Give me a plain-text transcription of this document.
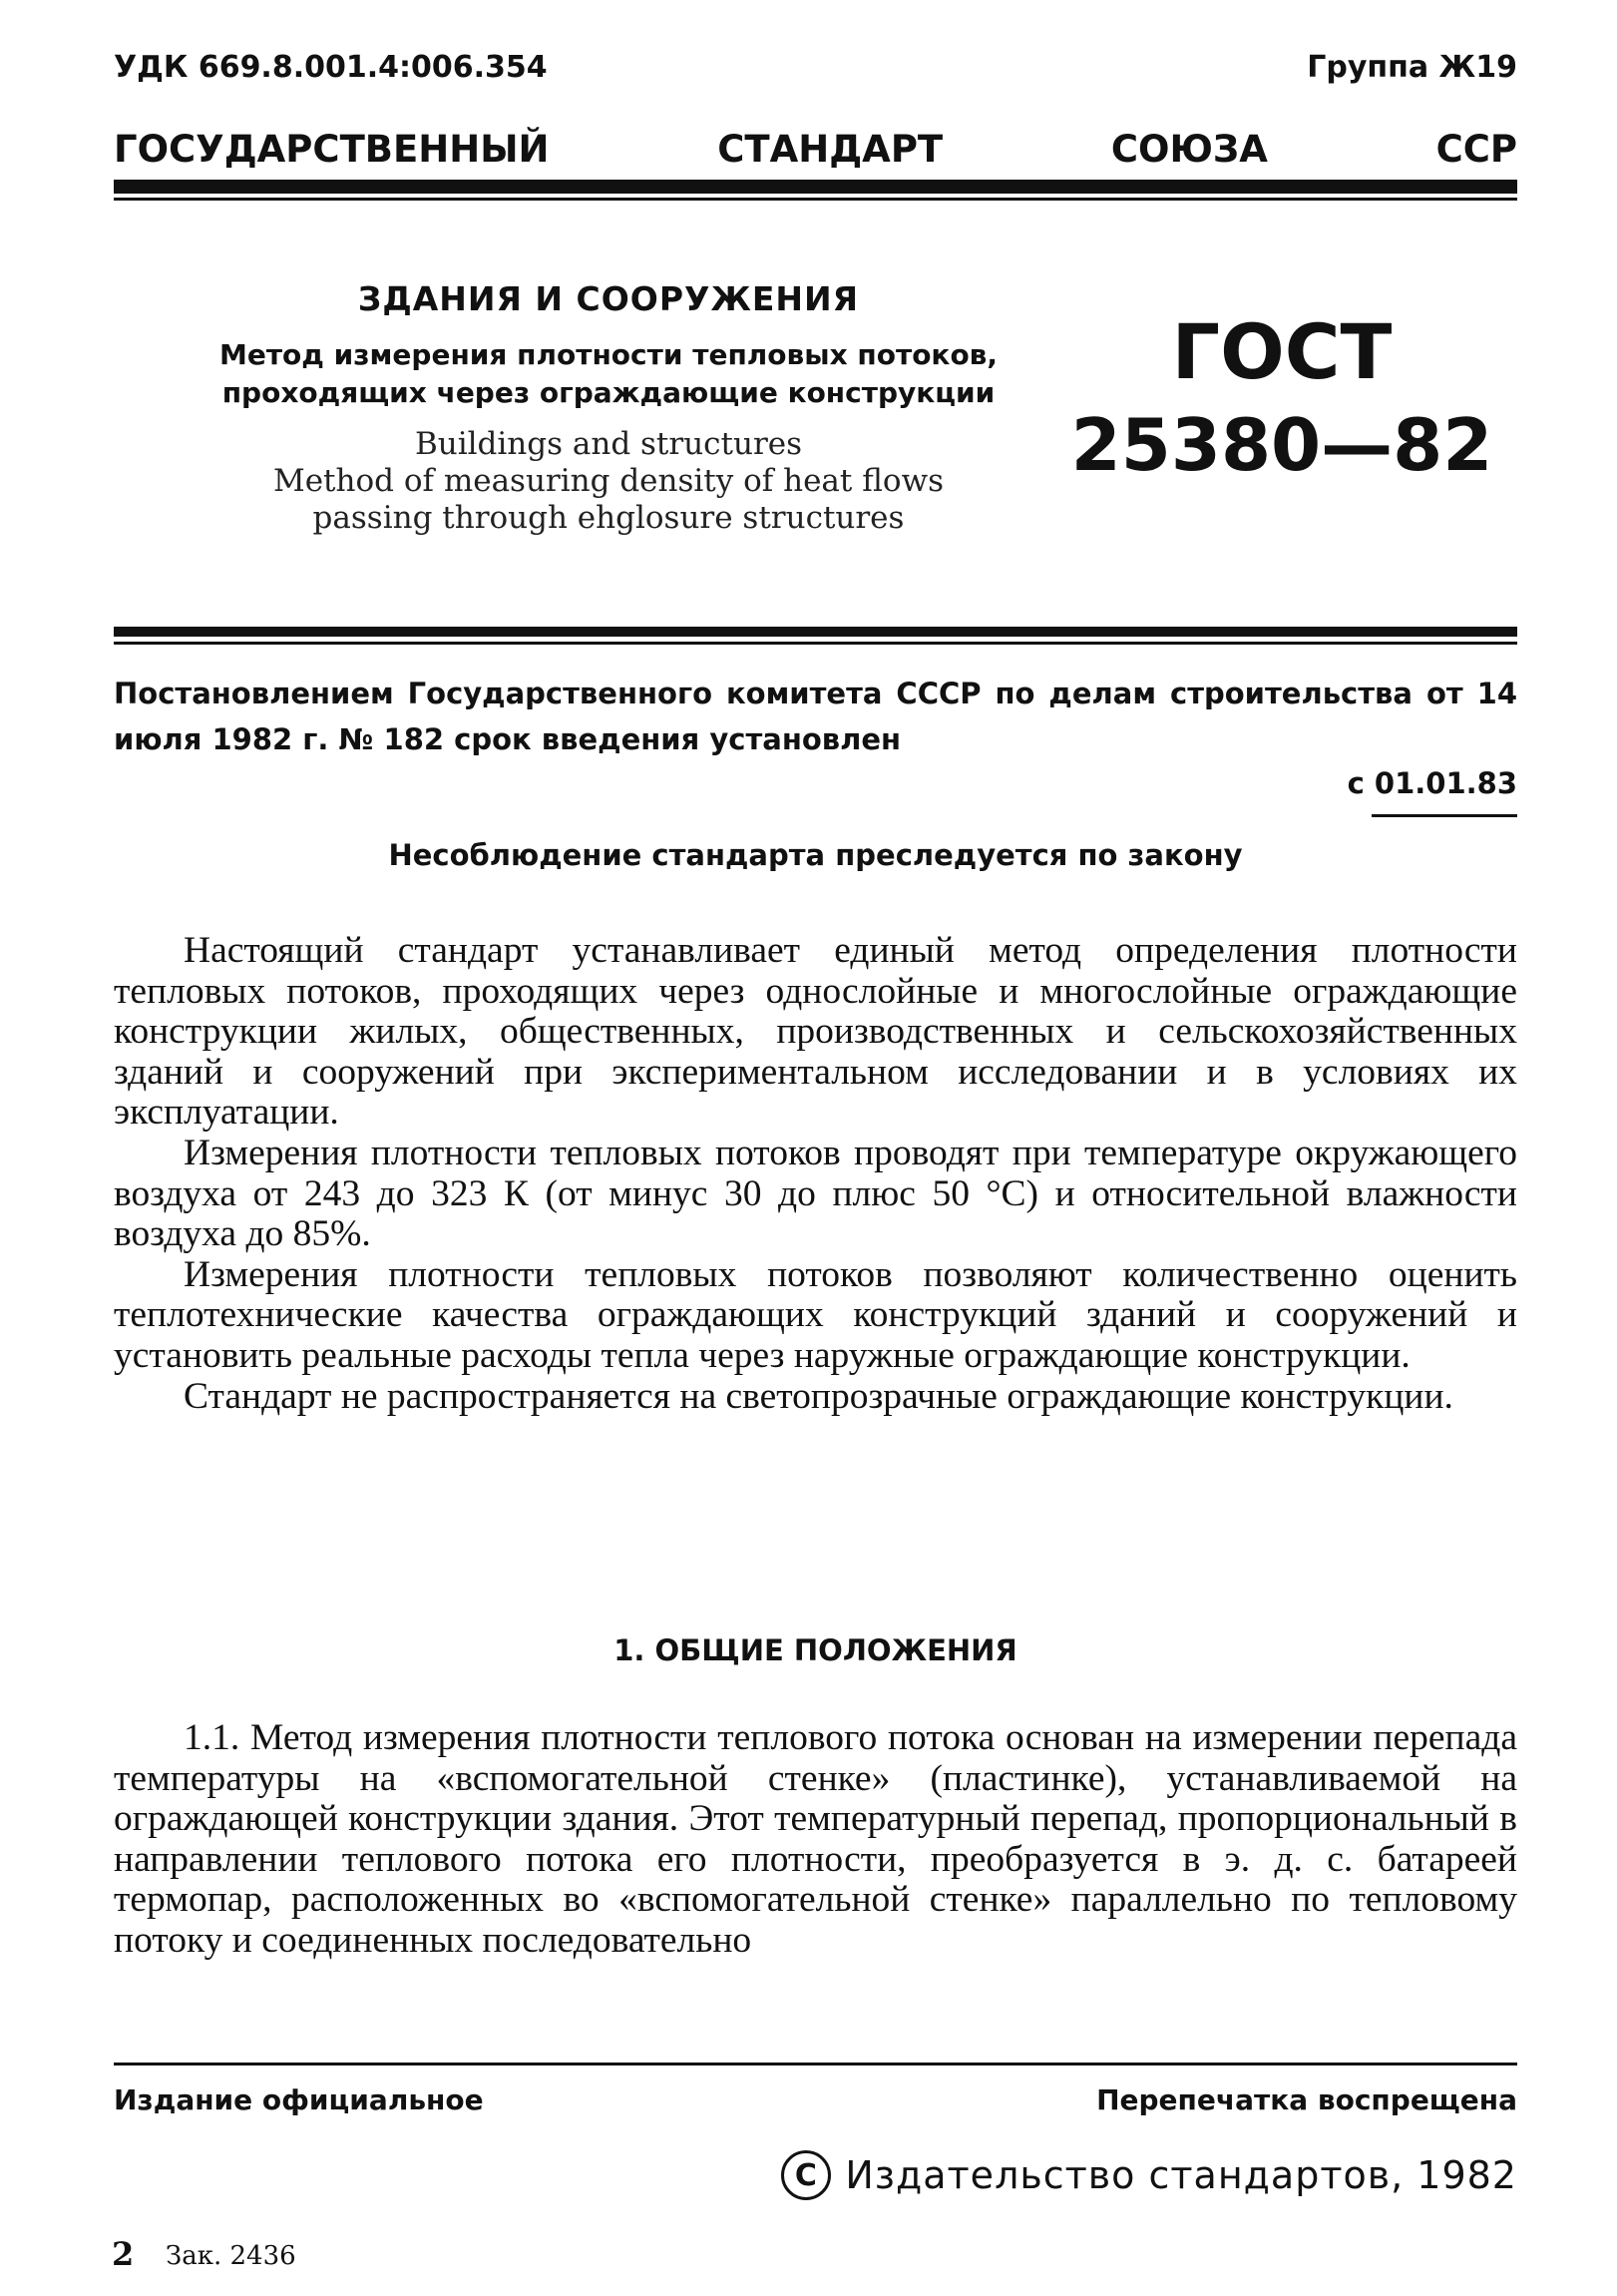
УДК 669.8.001.4:006.354	Группа Ж19
ГОСУДАРСТВЕННЫЙ	СТАНДАРТ	СОЮЗА	ССР
ЗДАНИЯ И СООРУЖЕНИЯ
Метод измерения плотности тепловых потоков,
проходящих через ограждающие конструкции
Buildings and structures
Method of measuring density of heat flows
passing through ehglosure structures
ГОСТ
25380—82
Постановлением Государственного комитета СССР по делам строительства от 14 июля 1982 г. № 182 срок введения установлен
с 01.01.83
Несоблюдение стандарта преследуется по закону

Настоящий стандарт устанавливает единый метод определения плотности тепловых потоков, проходящих через однослойные и многослойные ограждающие конструкции жилых, общественных, производственных и сельскохозяйственных зданий и сооружений при экспериментальном исследовании и в условиях их эксплуатации.

Измерения плотности тепловых потоков проводят при температуре окружающего воздуха от 243 до 323 К (от минус 30 до плюс 50 °С) и относительной влажности воздуха до 85%.

Измерения плотности тепловых потоков позволяют количественно оценить теплотехнические качества ограждающих конструкций зданий и сооружений и установить реальные расходы тепла через наружные ограждающие конструкции.

Стандарт не распространяется на светопрозрачные ограждающие конструкции.

1. ОБЩИЕ ПОЛОЖЕНИЯ

1.1. Метод измерения плотности теплового потока основан на измерении перепада температуры на «вспомогательной стенке» (пластинке), устанавливаемой на ограждающей конструкции здания. Этот температурный перепад, пропорциональный в направлении теплового потока его плотности, преобразуется в э. д. с. батареей термопар, расположенных во «вспомогательной стенке» параллельно по тепловому потоку и соединенных последовательно

Издание официальное	Перепечатка воспрещена
C Издательство стандартов, 1982
2 Зак. 2436
